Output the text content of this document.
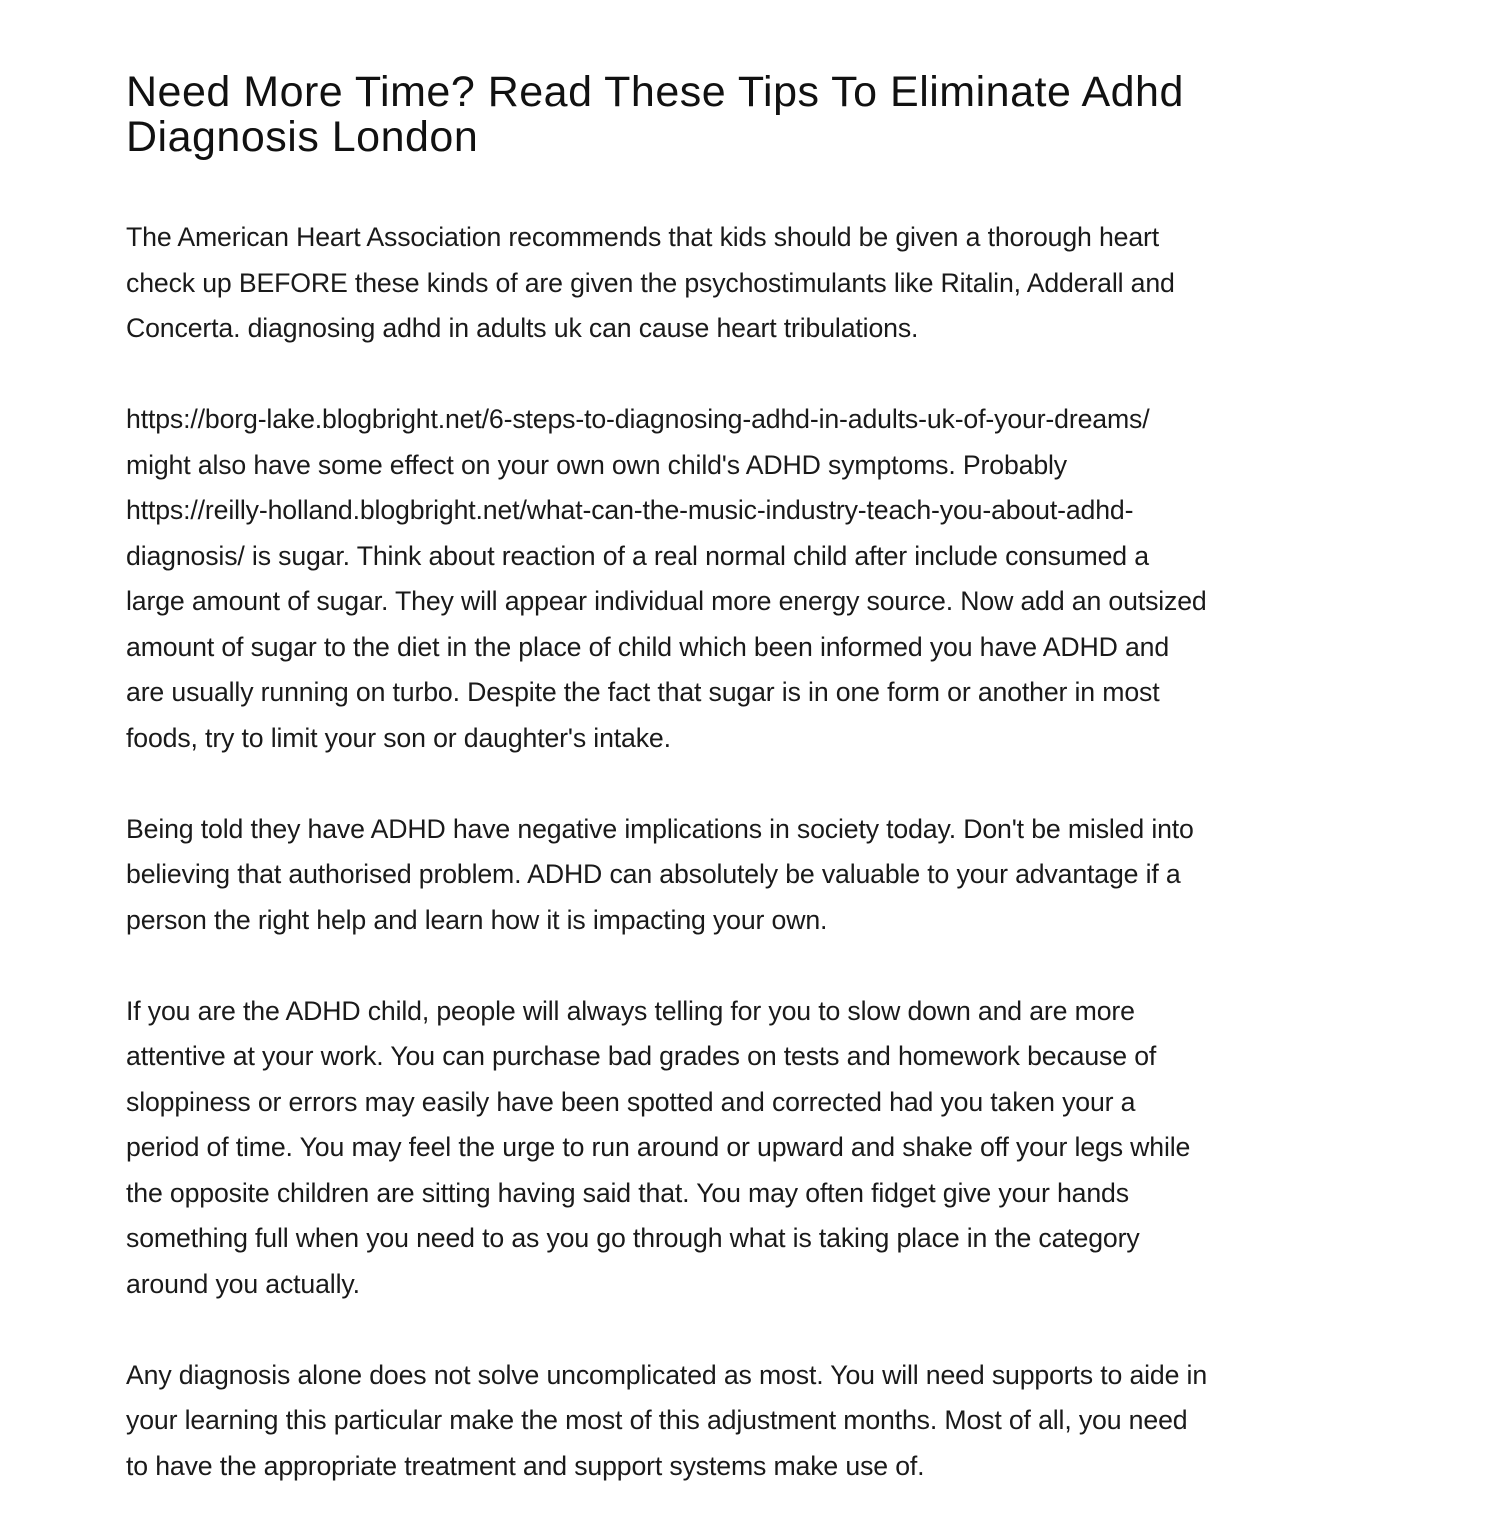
Need More Time? Read These Tips To Eliminate Adhd
Diagnosis London
The American Heart Association recommends that kids should be given a thorough heart
check up BEFORE these kinds of are given the psychostimulants like Ritalin, Adderall and
Concerta. diagnosing adhd in adults uk can cause heart tribulations.
https://borg-lake.blogbright.net/6-steps-to-diagnosing-adhd-in-adults-uk-of-your-dreams/
might also have some effect on your own own child's ADHD symptoms. Probably
https://reilly-holland.blogbright.net/what-can-the-music-industry-teach-you-about-adhd-
diagnosis/ is sugar. Think about reaction of a real normal child after include consumed a
large amount of sugar. They will appear individual more energy source. Now add an outsized
amount of sugar to the diet in the place of child which been informed you have ADHD and
are usually running on turbo. Despite the fact that sugar is in one form or another in most
foods, try to limit your son or daughter's intake.
Being told they have ADHD have negative implications in society today. Don't be misled into
believing that authorised problem. ADHD can absolutely be valuable to your advantage if a
person the right help and learn how it is impacting your own.
If you are the ADHD child, people will always telling for you to slow down and are more
attentive at your work. You can purchase bad grades on tests and homework because of
sloppiness or errors may easily have been spotted and corrected had you taken your a
period of time. You may feel the urge to run around or upward and shake off your legs while
the opposite children are sitting having said that. You may often fidget give your hands
something full when you need to as you go through what is taking place in the category
around you actually.
Any diagnosis alone does not solve uncomplicated as most. You will need supports to aide in
your learning this particular make the most of this adjustment months. Most of all, you need
to have the appropriate treatment and support systems make use of.
